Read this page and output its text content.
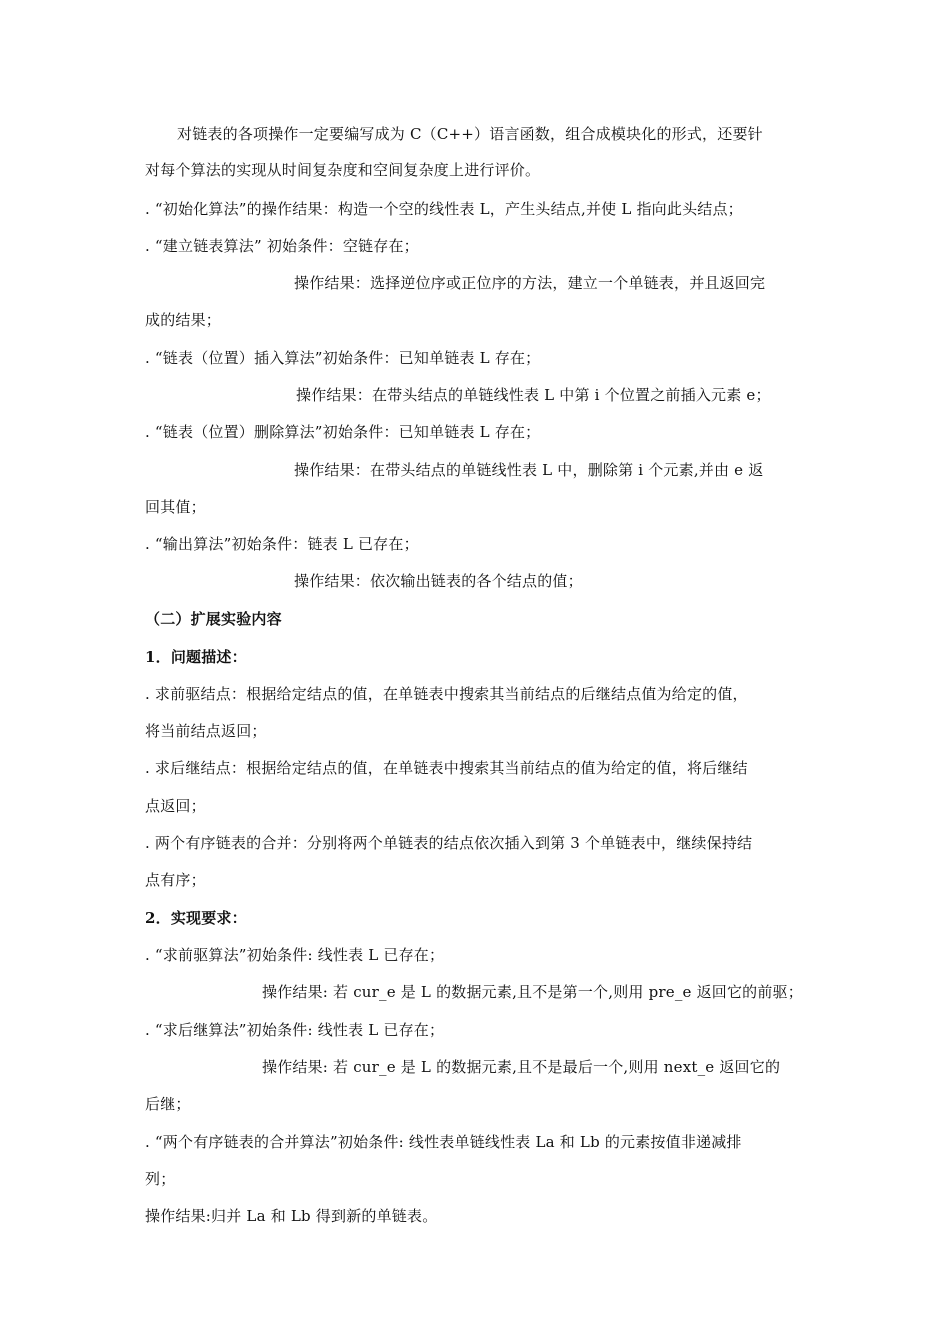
对链表的各项操作一定要编写成为 C（C++）语言函数，组合成模块化的形式，还要针
对每个算法的实现从时间复杂度和空间复杂度上进行评价。
. “初始化算法”的操作结果：构造一个空的线性表 L，产生头结点,并使 L 指向此头结点；
. “建立链表算法” 初始条件：空链存在；
操作结果：选择逆位序或正位序的方法，建立一个单链表，并且返回完
成的结果；
. “链表（位置）插入算法”初始条件：已知单链表 L 存在；
操作结果：在带头结点的单链线性表 L 中第 i 个位置之前插入元素 e；
. “链表（位置）删除算法”初始条件：已知单链表 L 存在；
操作结果：在带头结点的单链线性表 L 中，删除第 i 个元素,并由 e 返
回其值；
. “输出算法”初始条件：链表 L 已存在；
操作结果：依次输出链表的各个结点的值；
（二）扩展实验内容
1．问题描述：
. 求前驱结点：根据给定结点的值，在单链表中搜索其当前结点的后继结点值为给定的值，
将当前结点返回；
. 求后继结点：根据给定结点的值，在单链表中搜索其当前结点的值为给定的值，将后继结
点返回；
. 两个有序链表的合并：分别将两个单链表的结点依次插入到第 3 个单链表中，继续保持结
点有序；
2．实现要求：
. “求前驱算法”初始条件: 线性表 L 已存在；
操作结果: 若 cur_e 是 L 的数据元素,且不是第一个,则用 pre_e 返回它的前驱；
. “求后继算法”初始条件: 线性表 L 已存在；
操作结果: 若 cur_e 是 L 的数据元素,且不是最后一个,则用 next_e 返回它的
后继；
. “两个有序链表的合并算法”初始条件: 线性表单链线性表 La 和 Lb 的元素按值非递减排
列；
操作结果:归并 La 和 Lb 得到新的单链表。
